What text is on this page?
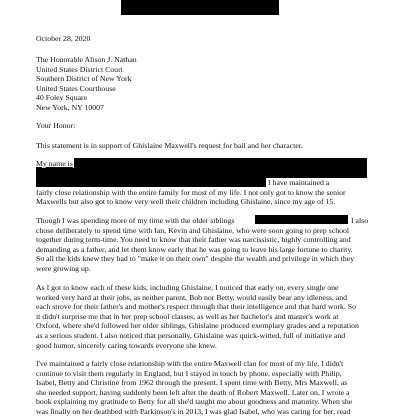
October 28, 2020
The Honorable Alison J. Nathan
United States District Court
Southern District of New York
United States Courthouse
40 Foley Square
New York, NY 10007
Your Honor:
This statement is in support of Ghislaine Maxwell's request for bail and her character.
My name is
I have maintained a
fairly close relationship with the entire family for most of my life. I not only got to know the senior
Maxwells but also got to know very well their children including Ghislaine, since my age of 15.
Though I was spending more of my time with the older siblings	I also
chose deliberately to spend time with Ian, Kevin and Ghislaine, who were soon going to prep school
together during term-time. You need to know that their father was narcissistic, highly controlling and
demanding as a father, and let them know early that he was going to leave his large fortune to charity.
So all the kids knew they had to "make it on their own" despite the wealth and privilege in which they
were growing up.
As I got to know each of these kids, including Ghislaine, I noticed that early on, every single one
worked very hard at their jobs, as neither parent, Bob nor Betty, would easily bear any idleness, and
each strove for their father's and mother's respect through that their intelligence and that hard work. So
it didn't surprise me that in her prep school classes, as well as her bachelor's and master's work at
Oxford, where she'd followed her older siblings, Ghislaine produced exemplary grades and a reputation
as a serious student. I also noticed that personally, Ghislaine was quick-witted, full of initiative and
good humor, sincerely caring towards everyone she knew.
I've maintained a fairly close relationship with the entire Maxwell clan for most of my life. I didn't
continue to visit them regularly in England, but I stayed in touch by phone, especially with Philip,
Isabel, Betty and Christine from 1962 through the present. I spent time with Betty, Mrs Maxwell, as
she needed support, having suddenly been left after the death of Robert Maxwell. Later on, I wrote a
book explaining my gratitude to Betty for all she'd taught me about goodness and maturity. When she
was finally on her deathbed with Parkinson's in 2013, I was glad Isabel, who was caring for her, read
